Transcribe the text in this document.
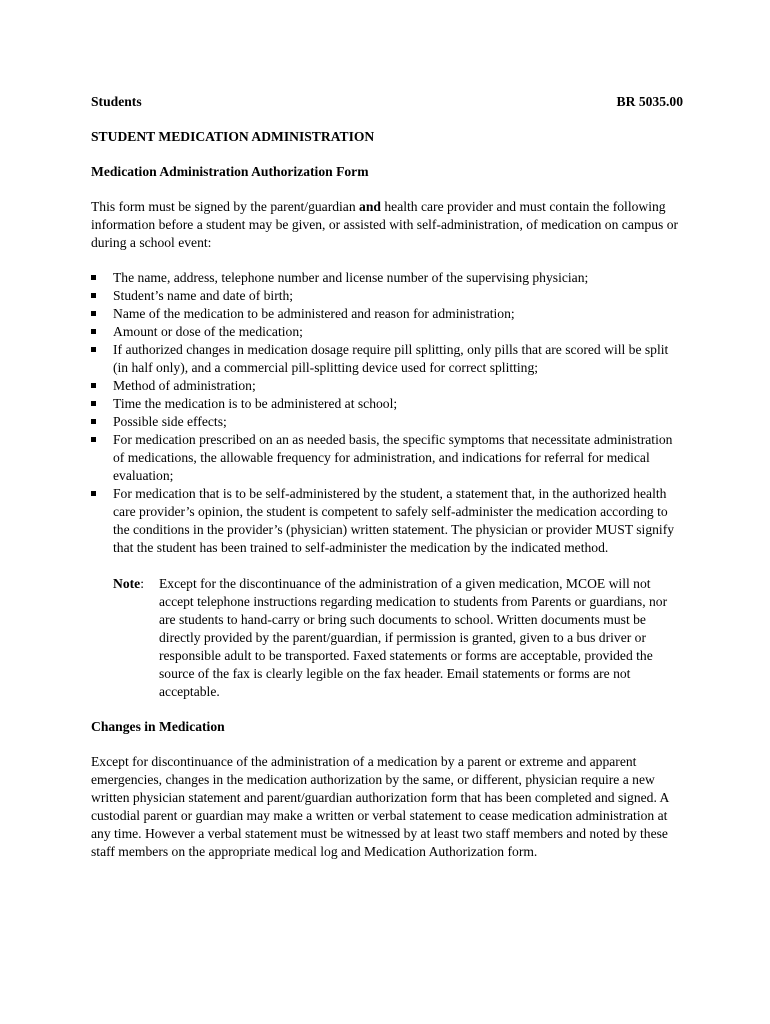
Students	BR 5035.00
STUDENT MEDICATION ADMINISTRATION
Medication Administration Authorization Form
This form must be signed by the parent/guardian and health care provider and must contain the following information before a student may be given, or assisted with self-administration, of medication on campus or during a school event:
The name, address, telephone number and license number of the supervising physician;
Student’s name and date of birth;
Name of the medication to be administered and reason for administration;
Amount or dose of the medication;
If authorized changes in medication dosage require pill splitting, only pills that are scored will be split (in half only), and a commercial pill-splitting device used for correct splitting;
Method of administration;
Time the medication is to be administered at school;
Possible side effects;
For medication prescribed on an as needed basis, the specific symptoms that necessitate administration of medications, the allowable frequency for administration, and indications for referral for medical evaluation;
For medication that is to be self-administered by the student, a statement that, in the authorized health care provider’s opinion, the student is competent to safely self-administer the medication according to the conditions in the provider’s (physician) written statement. The physician or provider MUST signify that the student has been trained to self-administer the medication by the indicated method.
Note: Except for the discontinuance of the administration of a given medication, MCOE will not accept telephone instructions regarding medication to students from Parents or guardians, nor are students to hand-carry or bring such documents to school. Written documents must be directly provided by the parent/guardian, if permission is granted, given to a bus driver or responsible adult to be transported. Faxed statements or forms are acceptable, provided the source of the fax is clearly legible on the fax header. Email statements or forms are not acceptable.
Changes in Medication
Except for discontinuance of the administration of a medication by a parent or extreme and apparent emergencies, changes in the medication authorization by the same, or different, physician require a new written physician statement and parent/guardian authorization form that has been completed and signed. A custodial parent or guardian may make a written or verbal statement to cease medication administration at any time. However a verbal statement must be witnessed by at least two staff members and noted by these staff members on the appropriate medical log and Medication Authorization form.
